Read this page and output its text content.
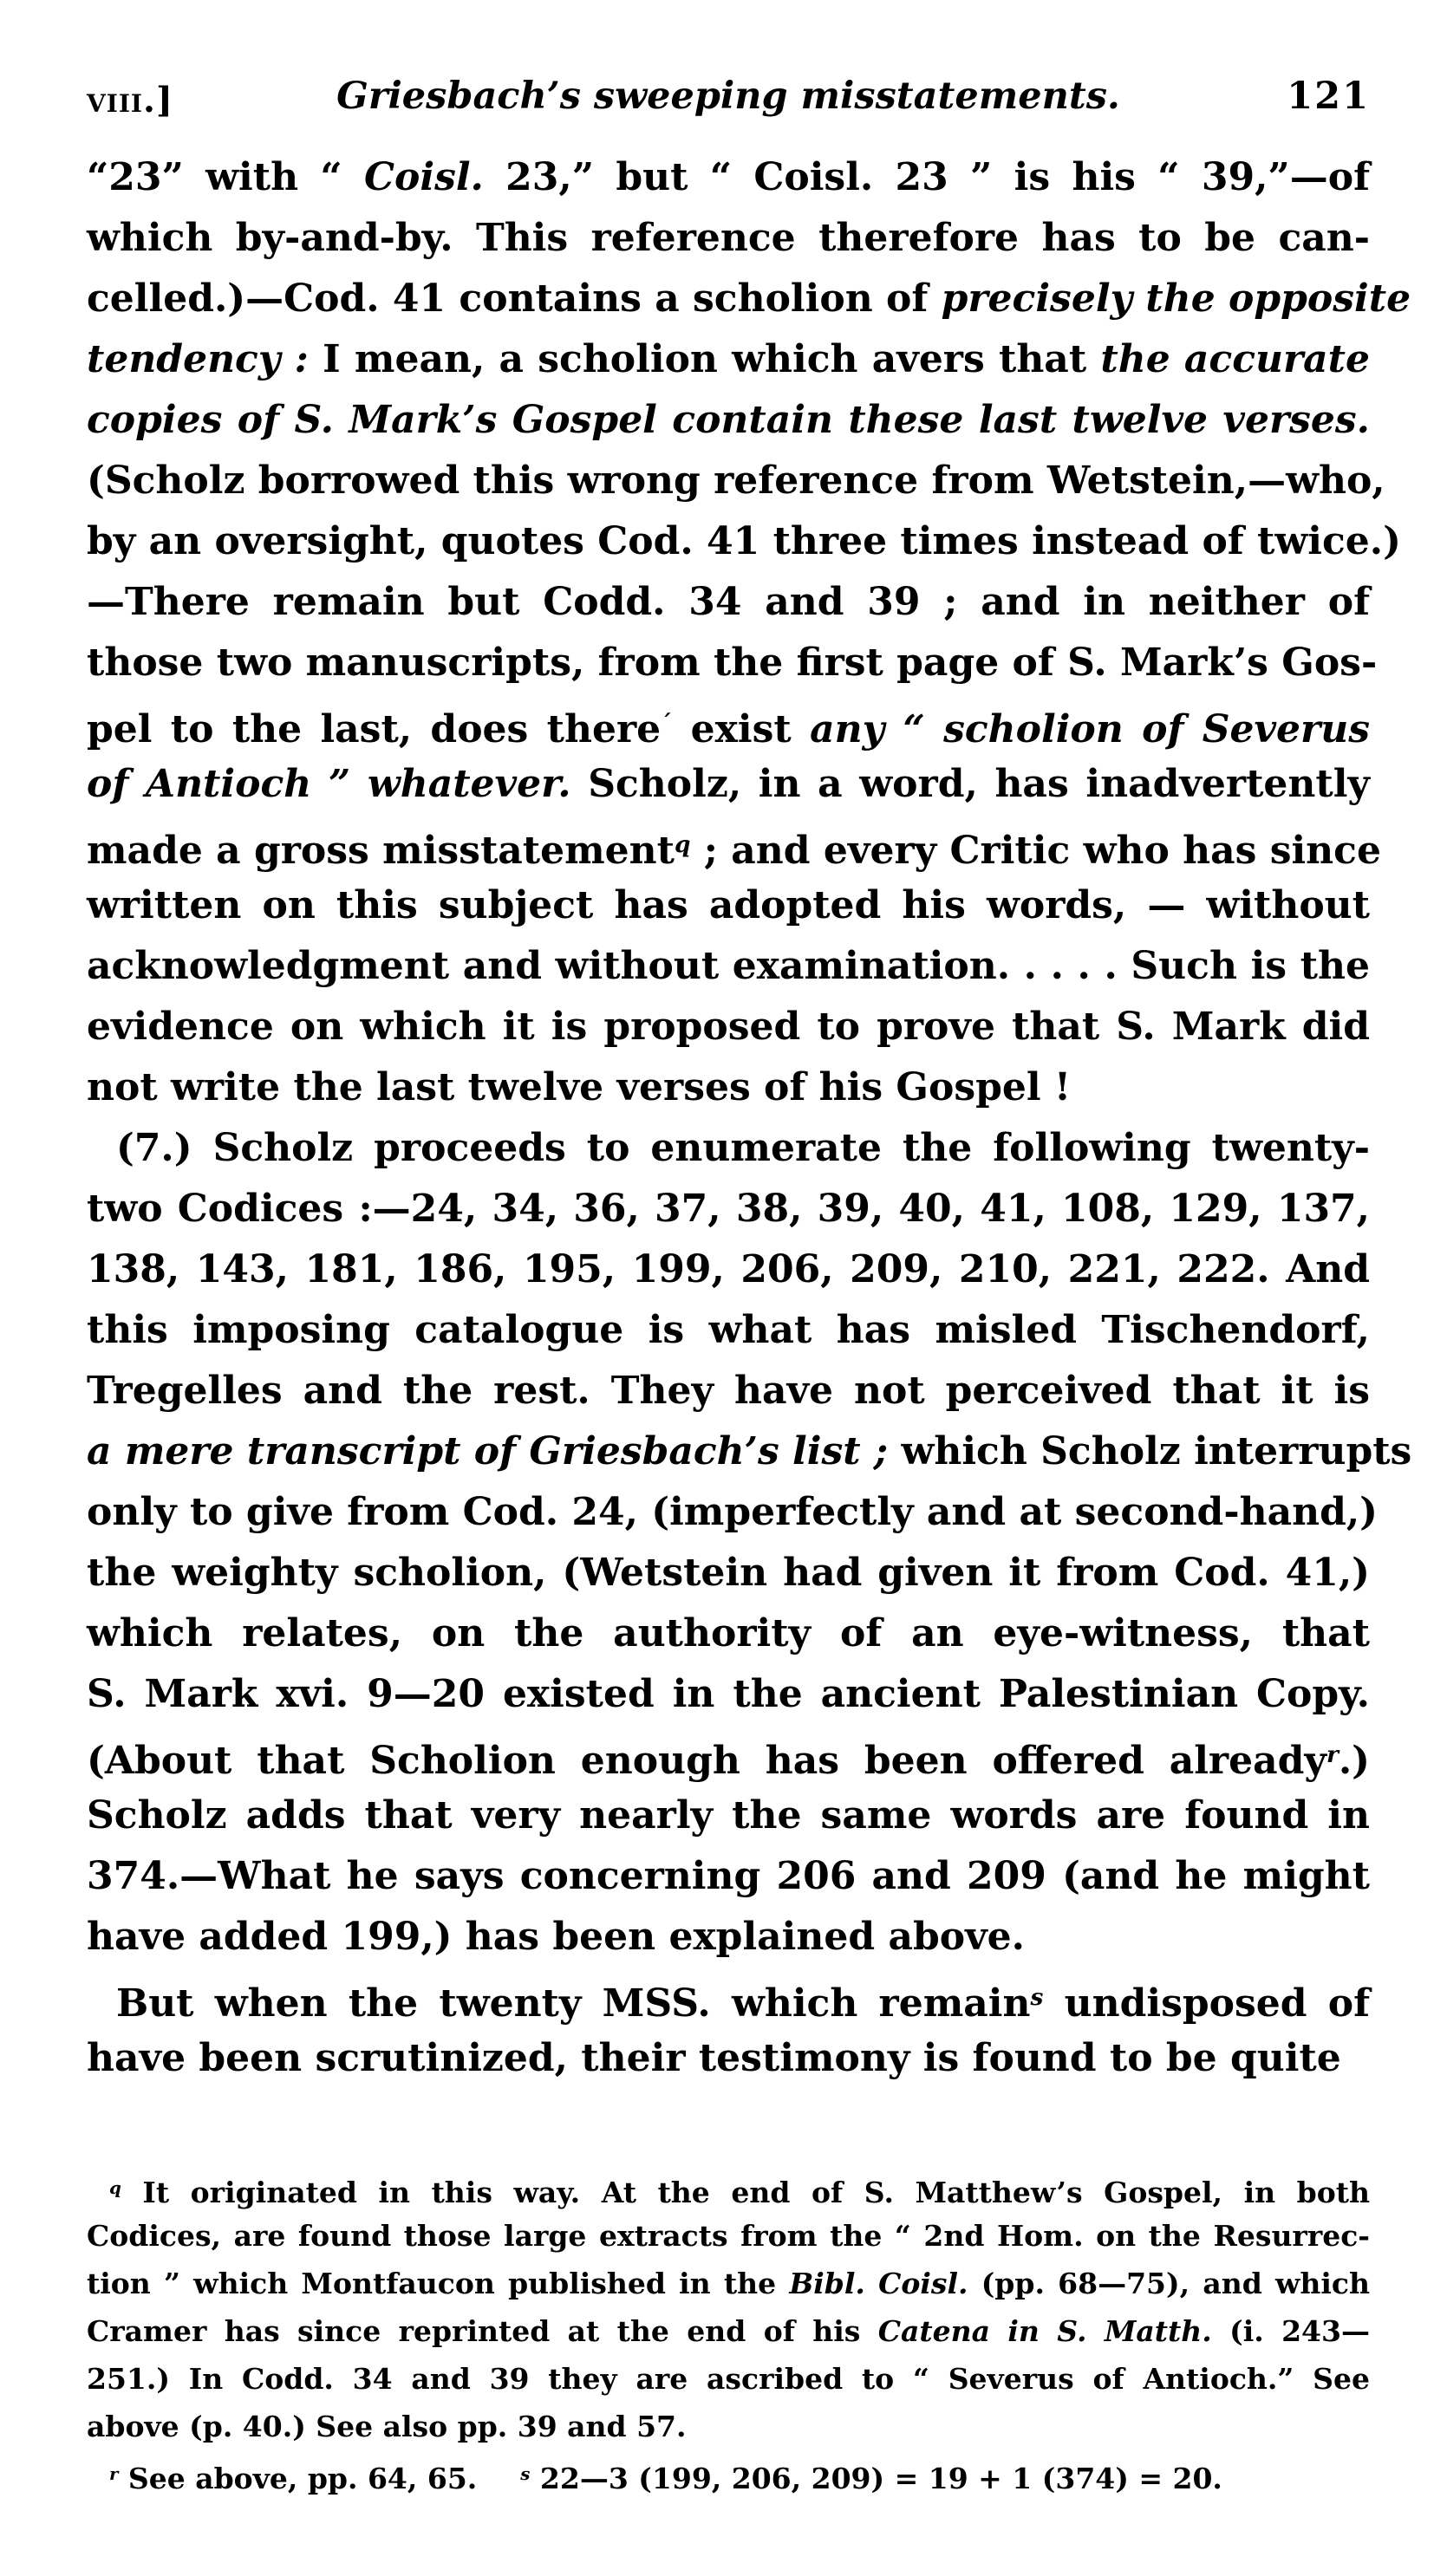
viii.]	Griesbach’s sweeping misstatements.	121
“23” with “ Coisl. 23,” but “ Coisl. 23 ” is his “ 39,”—of
which by-and-by. This reference therefore has to be can-
celled.)—Cod. 41 contains a scholion of precisely the opposite
tendency : I mean, a scholion which avers that the accurate
copies of S. Mark’s Gospel contain these last twelve verses.
(Scholz borrowed this wrong reference from Wetstein,—who,
by an oversight, quotes Cod. 41 three times instead of twice.)
—There remain but Codd. 34 and 39 ; and in neither of
those two manuscripts, from the first page of S. Mark’s Gos-
pel to the last, does there´ exist any “ scholion of Severus
of Antioch ” whatever. Scholz, in a word, has inadvertently
made a gross misstatement$^q$ ; and every Critic who has since
written on this subject has adopted his words, — without
acknowledgment and without examination. . . . . Such is the
evidence on which it is proposed to prove that S. Mark did
not write the last twelve verses of his Gospel !
(7.) Scholz proceeds to enumerate the following twenty-
two Codices :—24, 34, 36, 37, 38, 39, 40, 41, 108, 129, 137,
138, 143, 181, 186, 195, 199, 206, 209, 210, 221, 222. And
this imposing catalogue is what has misled Tischendorf,
Tregelles and the rest. They have not perceived that it is
a mere transcript of Griesbach’s list ; which Scholz interrupts
only to give from Cod. 24, (imperfectly and at second-hand,)
the weighty scholion, (Wetstein had given it from Cod. 41,)
which relates, on the authority of an eye-witness, that
S. Mark xvi. 9—20 existed in the ancient Palestinian Copy.
(About that Scholion enough has been offered already$^r$.)
Scholz adds that very nearly the same words are found in
374.—What he says concerning 206 and 209 (and he might
have added 199,) has been explained above.
But when the twenty MSS. which remain$^s$ undisposed of
have been scrutinized, their testimony is found to be quite
$^q$ It originated in this way. At the end of S. Matthew’s Gospel, in both
Codices, are found those large extracts from the “ 2nd Hom. on the Resurrec-
tion ” which Montfaucon published in the Bibl. Coisl. (pp. 68—75), and which
Cramer has since reprinted at the end of his Catena in S. Matth. (i. 243—
251.) In Codd. 34 and 39 they are ascribed to “ Severus of Antioch.” See
above (p. 40.) See also pp. 39 and 57.
$^r$ See above, pp. 64, 65.	$^s$ 22—3 (199, 206, 209) = 19 + 1 (374) = 20.
